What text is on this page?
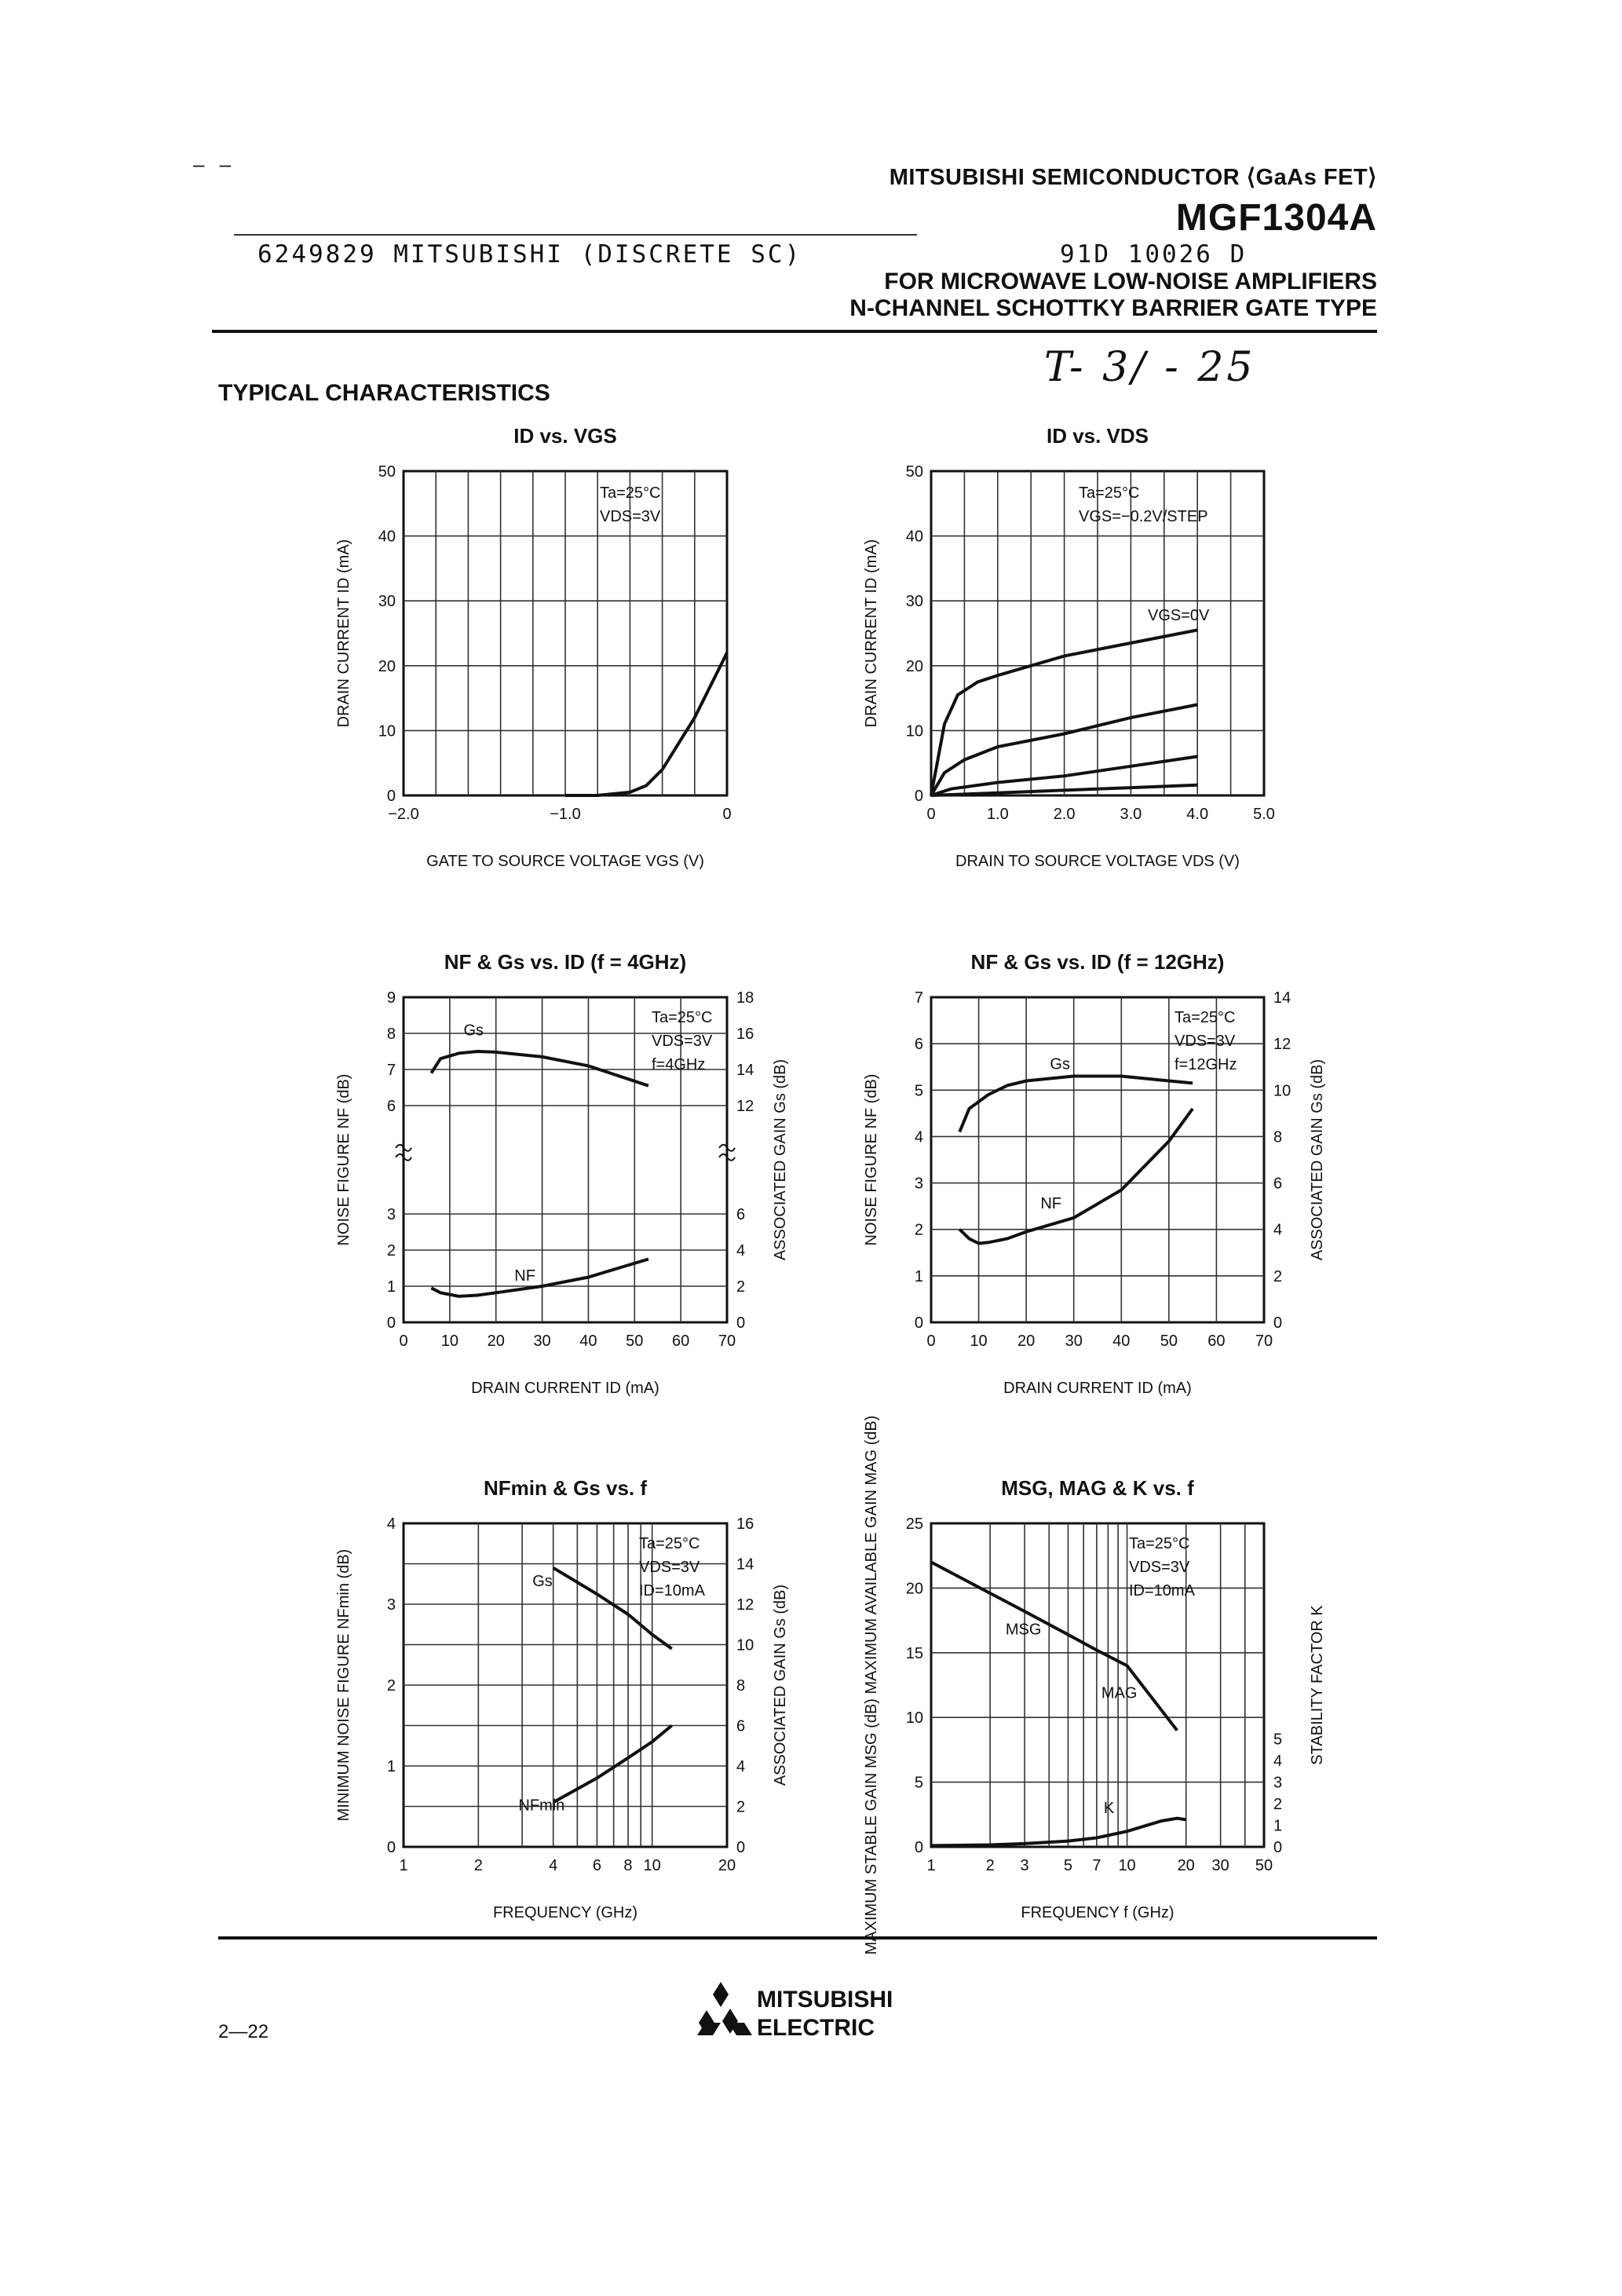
– –
MITSUBISHI SEMICONDUCTOR ⟨GaAs FET⟩
MGF1304A
6249829 MITSUBISHI (DISCRETE SC)	91D 10026 D
FOR MICROWAVE LOW-NOISE AMPLIFIERS
N-CHANNEL SCHOTTKY BARRIER GATE TYPE
T- 3/ - 25
TYPICAL CHARACTERISTICS
−2.0	−1.0	0
0
10
20
30
40
50
ID vs. VGS
GATE TO SOURCE VOLTAGE VGS (V)
DRAIN CURRENT ID (mA)
Ta=25°C
VDS=3V
0	1.0	2.0	3.0	4.0	5.0
0
10
20
30
40
50
ID vs. VDS
DRAIN TO SOURCE VOLTAGE VDS (V)
DRAIN CURRENT ID (mA)
Ta=25°C
VGS=−0.2V/STEP
VGS=0V
NF & Gs vs. ID (f = 4GHz)
DRAIN CURRENT ID (mA)
NOISE FIGURE NF (dB)	ASSOCIATED GAIN Gs (dB)
0 10 20 30 40 50 60 70
0
1
2
3
6
7
8
9
0
2
4
6
12
14
16
18
Ta=25°C
VDS=3V
f=4GHz
Gs
NF
NF & Gs vs. ID (f = 12GHz)
DRAIN CURRENT ID (mA)
NOISE FIGURE NF (dB)	ASSOCIATED GAIN Gs (dB)
0 10 20 30 40 50 60 70
0
1
2
3
4
5
6
7
0
2
4
6
8
10
12
14
Ta=25°C
VDS=3V
f=12GHz
Gs
NF
NFmin & Gs vs. f
FREQUENCY (GHz)
MINIMUM NOISE FIGURE NFmin (dB)	ASSOCIATED GAIN Gs (dB)
1	2	4 6 8 10	20
0
1
2
3
4
0
2
4
6
8
10
12
14
16
Ta=25°C
VDS=3V
ID=10mA
Gs
NFmin
MSG, MAG & K vs. f
FREQUENCY f (GHz)
MAXIMUM STABLE GAIN MSG (dB) MAXIMUM AVAILABLE GAIN MAG (dB)	STABILITY FACTOR K
1	2 3 5 7 10	20 30 50
0
5
10
15
20
25
0
1
2
3
4
5
Ta=25°C
VDS=3V
ID=10mA
MSG
MAG
K
2—22
MITSUBISHI
ELECTRIC
